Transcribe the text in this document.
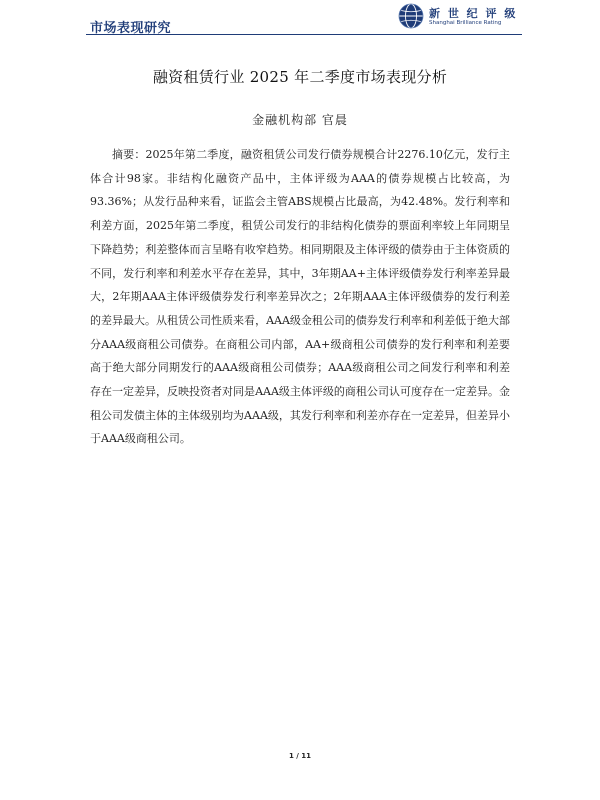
市场表现研究
新 世 纪 评 级
Shanghai Brilliance Rating
融资租赁行业 2025 年二季度市场表现分析
金融机构部 官晨

摘要：2025年第二季度，融资租赁公司发行债券规模合计2276.10亿元，发行主体合计98家。非结构化融资产品中，主体评级为AAA的债券规模占比较高，为93.36%；从发行品种来看，证监会主管ABS规模占比最高，为42.48%。发行利率和利差方面，2025年第二季度，租赁公司发行的非结构化债券的票面利率较上年同期呈下降趋势；利差整体而言呈略有收窄趋势。相同期限及主体评级的债券由于主体资质的不同，发行利率和利差水平存在差异，其中，3年期AA+主体评级债券发行利率差异最大，2年期AAA主体评级债券发行利率差异次之；2年期AAA主体评级债券的发行利差的差异最大。从租赁公司性质来看，AAA级金租公司的债券发行利率和利差低于绝大部分AAA级商租公司债券。在商租公司内部，AA+级商租公司债券的发行利率和利差要高于绝大部分同期发行的AAA级商租公司债券；AAA级商租公司之间发行利率和利差存在一定差异，反映投资者对同是AAA级主体评级的商租公司认可度存在一定差异。金租公司发债主体的主体级别均为AAA级，其发行利率和利差亦存在一定差异，但差异小于AAA级商租公司。

1 / 11
